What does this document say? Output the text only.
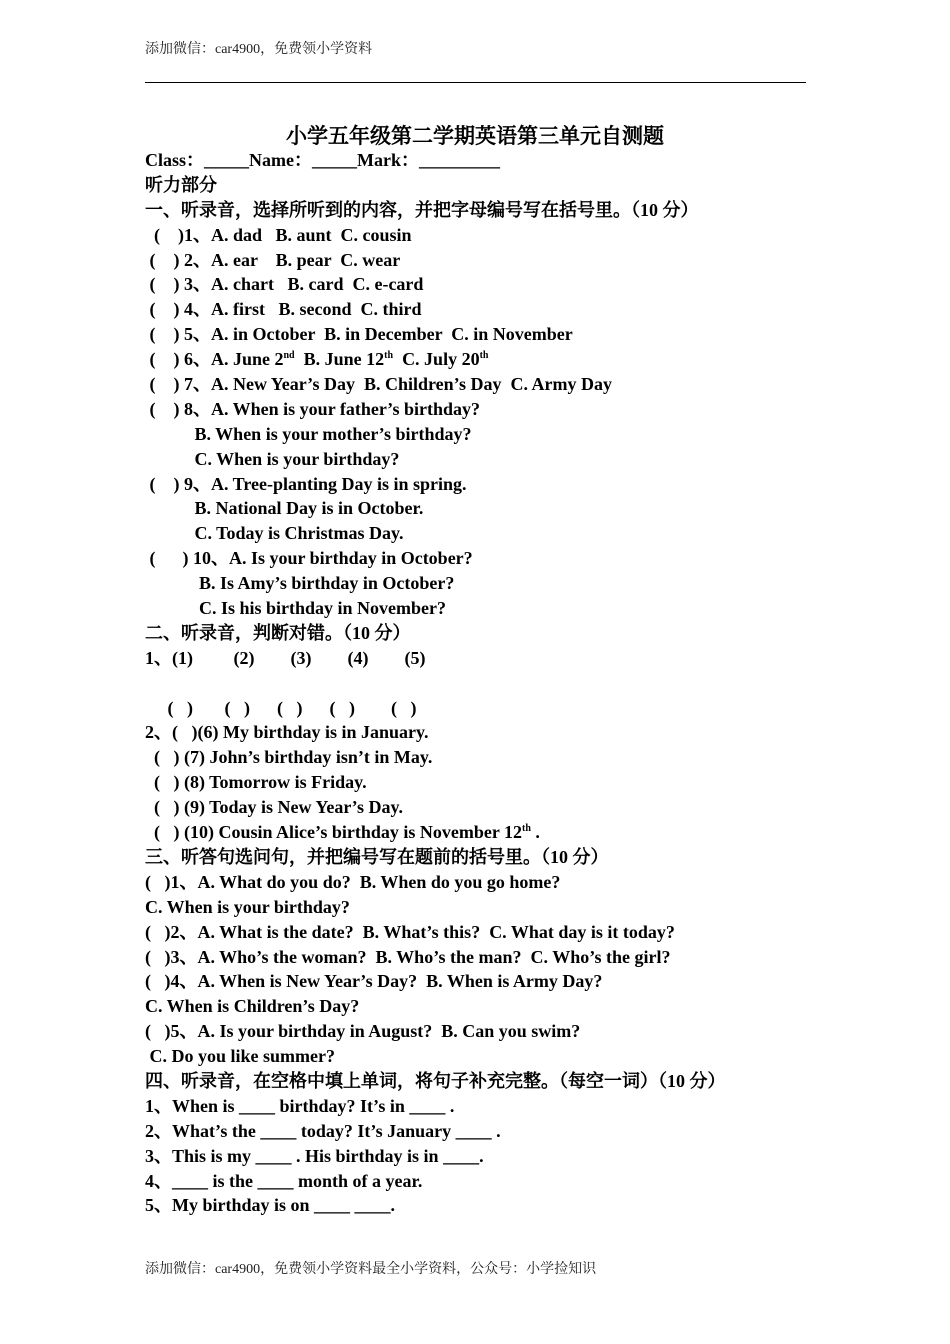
添加微信：car4900，免费领小学资料
小学五年级第二学期英语第三单元自测题
Class：_____Name：_____Mark：_________
听力部分
一、听录音，选择所听到的内容，并把字母编号写在括号里。（10 分）
(    )1、A. dad   B. aunt  C. cousin
(    ) 2、A. ear    B. pear  C. wear
(    ) 3、A. chart   B. card  C. e-card
(    ) 4、A. first   B. second  C. third
(    ) 5、A. in October  B. in December  C. in November
(    ) 6、A. June 2nd  B. June 12th  C. July 20th
(    ) 7、A. New Year’s Day  B. Children’s Day  C. Army Day
(    ) 8、A. When is your father’s birthday?
B. When is your mother’s birthday?
C. When is your birthday?
(    ) 9、A. Tree-planting Day is in spring.
B. National Day is in October.
C. Today is Christmas Day.
(      ) 10、A. Is your birthday in October?
B. Is Amy’s birthday in October?
C. Is his birthday in November?
二、听录音，判断对错。（10 分）
1、(1)         (2)        (3)        (4)        (5)
(   )       (   )      (   )      (   )        (   )
2、(   )(6) My birthday is in January.
(   ) (7) John’s birthday isn’t in May.
(   ) (8) Tomorrow is Friday.
(   ) (9) Today is New Year’s Day.
(   ) (10) Cousin Alice’s birthday is November 12th .
三、听答句选问句，并把编号写在题前的括号里。（10 分）
(   )1、A. What do you do?  B. When do you go home?
C. When is your birthday?
(   )2、A. What is the date?  B. What’s this?  C. What day is it today?
(   )3、A. Who’s the woman?  B. Who’s the man?  C. Who’s the girl?
(   )4、A. When is New Year’s Day?  B. When is Army Day?
C. When is Children’s Day?
(   )5、A. Is your birthday in August?  B. Can you swim?
C. Do you like summer?
四、听录音，在空格中填上单词，将句子补充完整。（每空一词）（10 分）
1、When is ____ birthday? It’s in ____ .
2、What’s the ____ today? It’s January ____ .
3、This is my ____ . His birthday is in ____.
4、____ is the ____ month of a year.
5、My birthday is on ____ ____.
添加微信：car4900，免费领小学资料最全小学资料，公众号：小学捡知识
